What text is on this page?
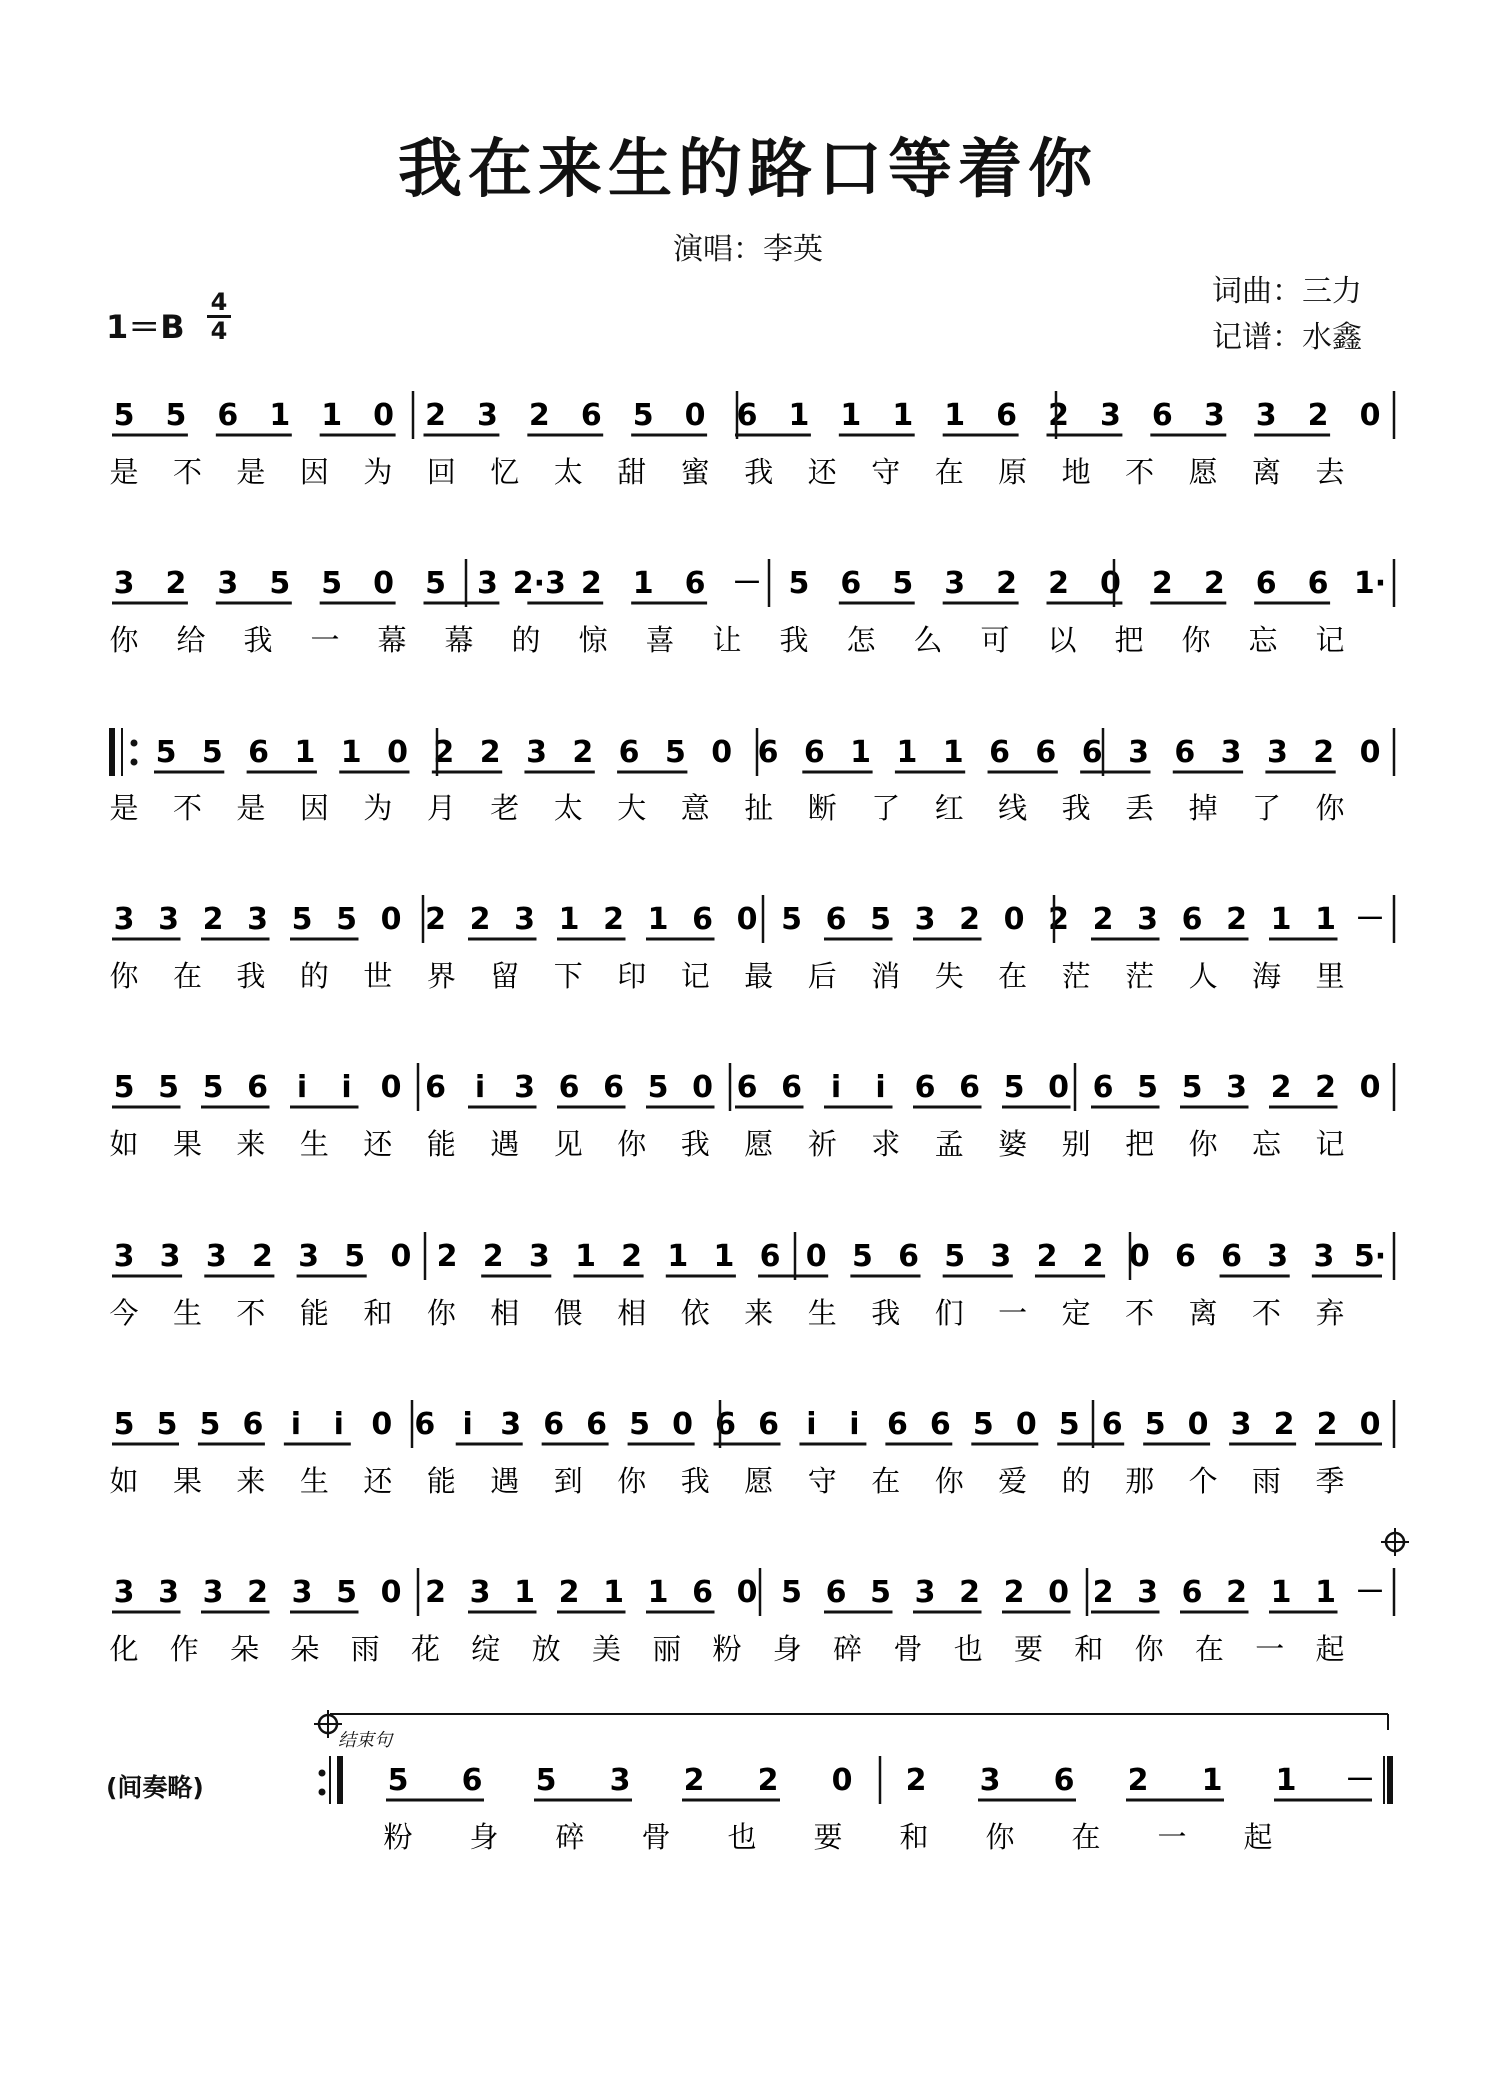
我在来生的路口等着你
演唱：李英
词曲：三力
记谱：水鑫
1＝B
4
4
(间奏略)
结束句
5 5 6 1 1 0 2 3 2 6 5 0 6 1 1 1 1 6 2 3 6 3 3 2 0
是 不 是 因 为 回 忆 太 甜 蜜 我 还 守 在 原 地 不 愿 离 去
3 2 3 5 5 0 5 3 2·3 2 1 6 － 5 6 5 3 2 2 0 2 2 6 6 1·
你 给 我 一 幕 幕 的 惊 喜 让 我 怎 么 可 以 把 你 忘 记
5 5 6 1 1 0 2 2 3 2 6 5 0 6 6 1 1 1 6 6 6 3 6 3 3 2 0
是 不 是 因 为 月 老 太 大 意 扯 断 了 红 线 我 丢 掉 了 你
3 3 2 3 5 5 0 2 2 3 1 2 1 6 0 5 6 5 3 2 0 2 2 3 6 2 1 1 －
你 在 我 的 世 界 留 下 印 记 最 后 消 失 在 茫 茫 人 海 里
5 5 5 6 i i 0 6 i 3 6 6 5 0 6 6 i i 6 6 5 0 6 5 5 3 2 2 0
如 果 来 生 还 能 遇 见 你 我 愿 祈 求 孟 婆 别 把 你 忘 记
3 3 3 2 3 5 0 2 2 3 1 2 1 1 6 0 5 6 5 3 2 2 0 6 6 3 3 5·
今 生 不 能 和 你 相 偎 相 依 来 生 我 们 一 定 不 离 不 弃
5 5 5 6 i i 0 6 i 3 6 6 5 0 6 6 i i 6 6 5 0 5 6 5 0 3 2 2 0
如 果 来 生 还 能 遇 到 你 我 愿 守 在 你 爱 的 那 个 雨 季
3 3 3 2 3 5 0 2 3 1 2 1 1 6 0 5 6 5 3 2 2 0 2 3 6 2 1 1 －
化 作 朵 朵 雨 花 绽 放 美 丽 粉 身 碎 骨 也 要 和 你 在 一 起
5 6 5 3 2 2 0 2 3 6 2 1 1 －
粉 身 碎 骨 也 要 和 你 在 一 起
